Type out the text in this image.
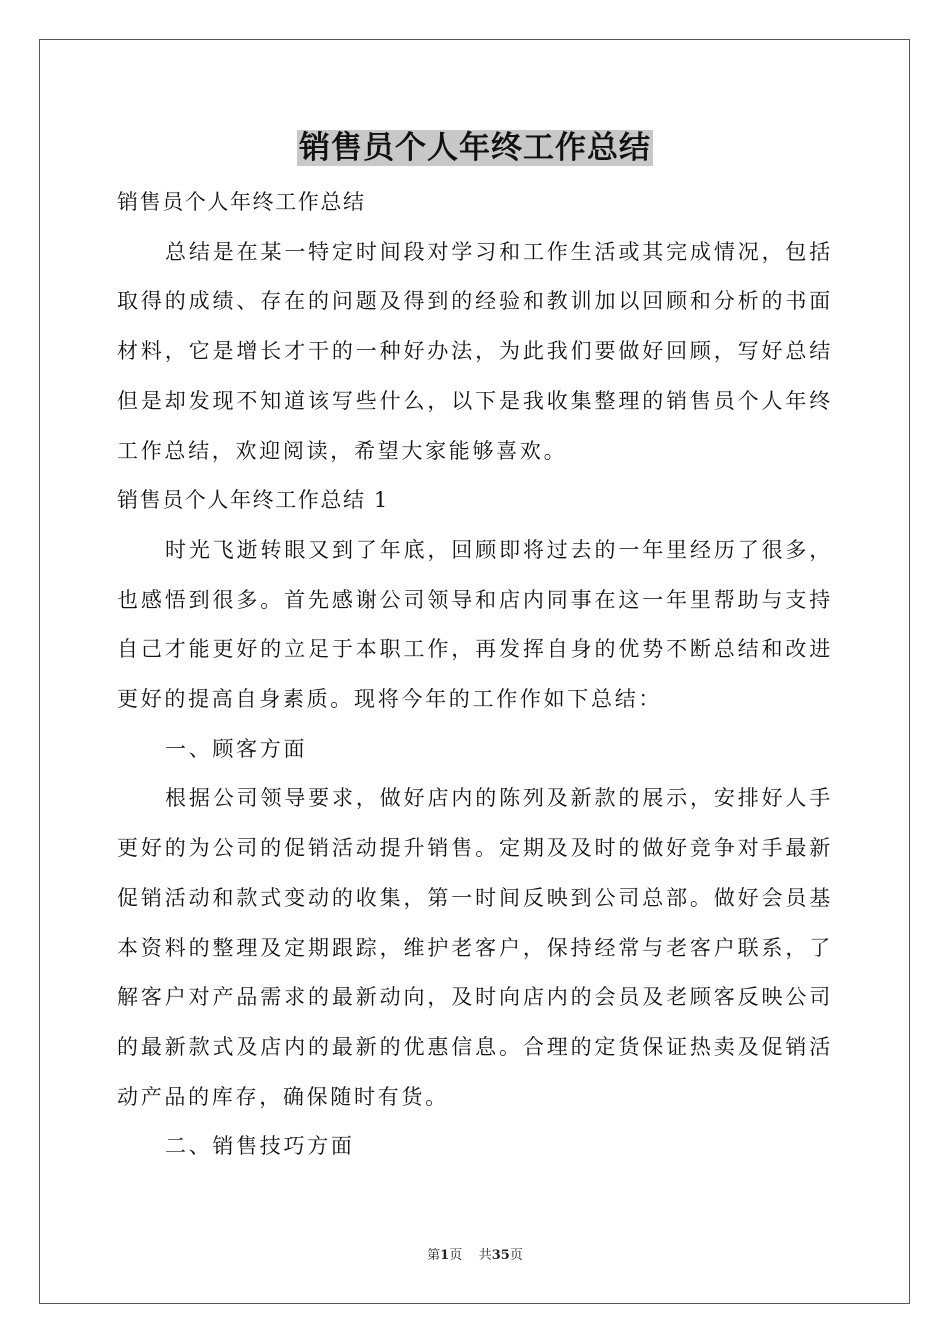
销售员个人年终工作总结

销售员个人年终工作总结

总结是在某一特定时间段对学习和工作生活或其完成情况，包括取得的成绩、存在的问题及得到的经验和教训加以回顾和分析的书面材料，它是增长才干的一种好办法，为此我们要做好回顾，写好总结但是却发现不知道该写些什么，以下是我收集整理的销售员个人年终工作总结，欢迎阅读，希望大家能够喜欢。

销售员个人年终工作总结 1

时光飞逝转眼又到了年底，回顾即将过去的一年里经历了很多，也感悟到很多。首先感谢公司领导和店内同事在这一年里帮助与支持自己才能更好的立足于本职工作，再发挥自身的优势不断总结和改进更好的提高自身素质。现将今年的工作作如下总结：

一、顾客方面

根据公司领导要求，做好店内的陈列及新款的展示，安排好人手更好的为公司的促销活动提升销售。定期及及时的做好竞争对手最新促销活动和款式变动的收集，第一时间反映到公司总部。做好会员基本资料的整理及定期跟踪，维护老客户，保持经常与老客户联系，了解客户对产品需求的最新动向，及时向店内的会员及老顾客反映公司的最新款式及店内的最新的优惠信息。合理的定货保证热卖及促销活动产品的库存，确保随时有货。

二、销售技巧方面

第1页 共35页
